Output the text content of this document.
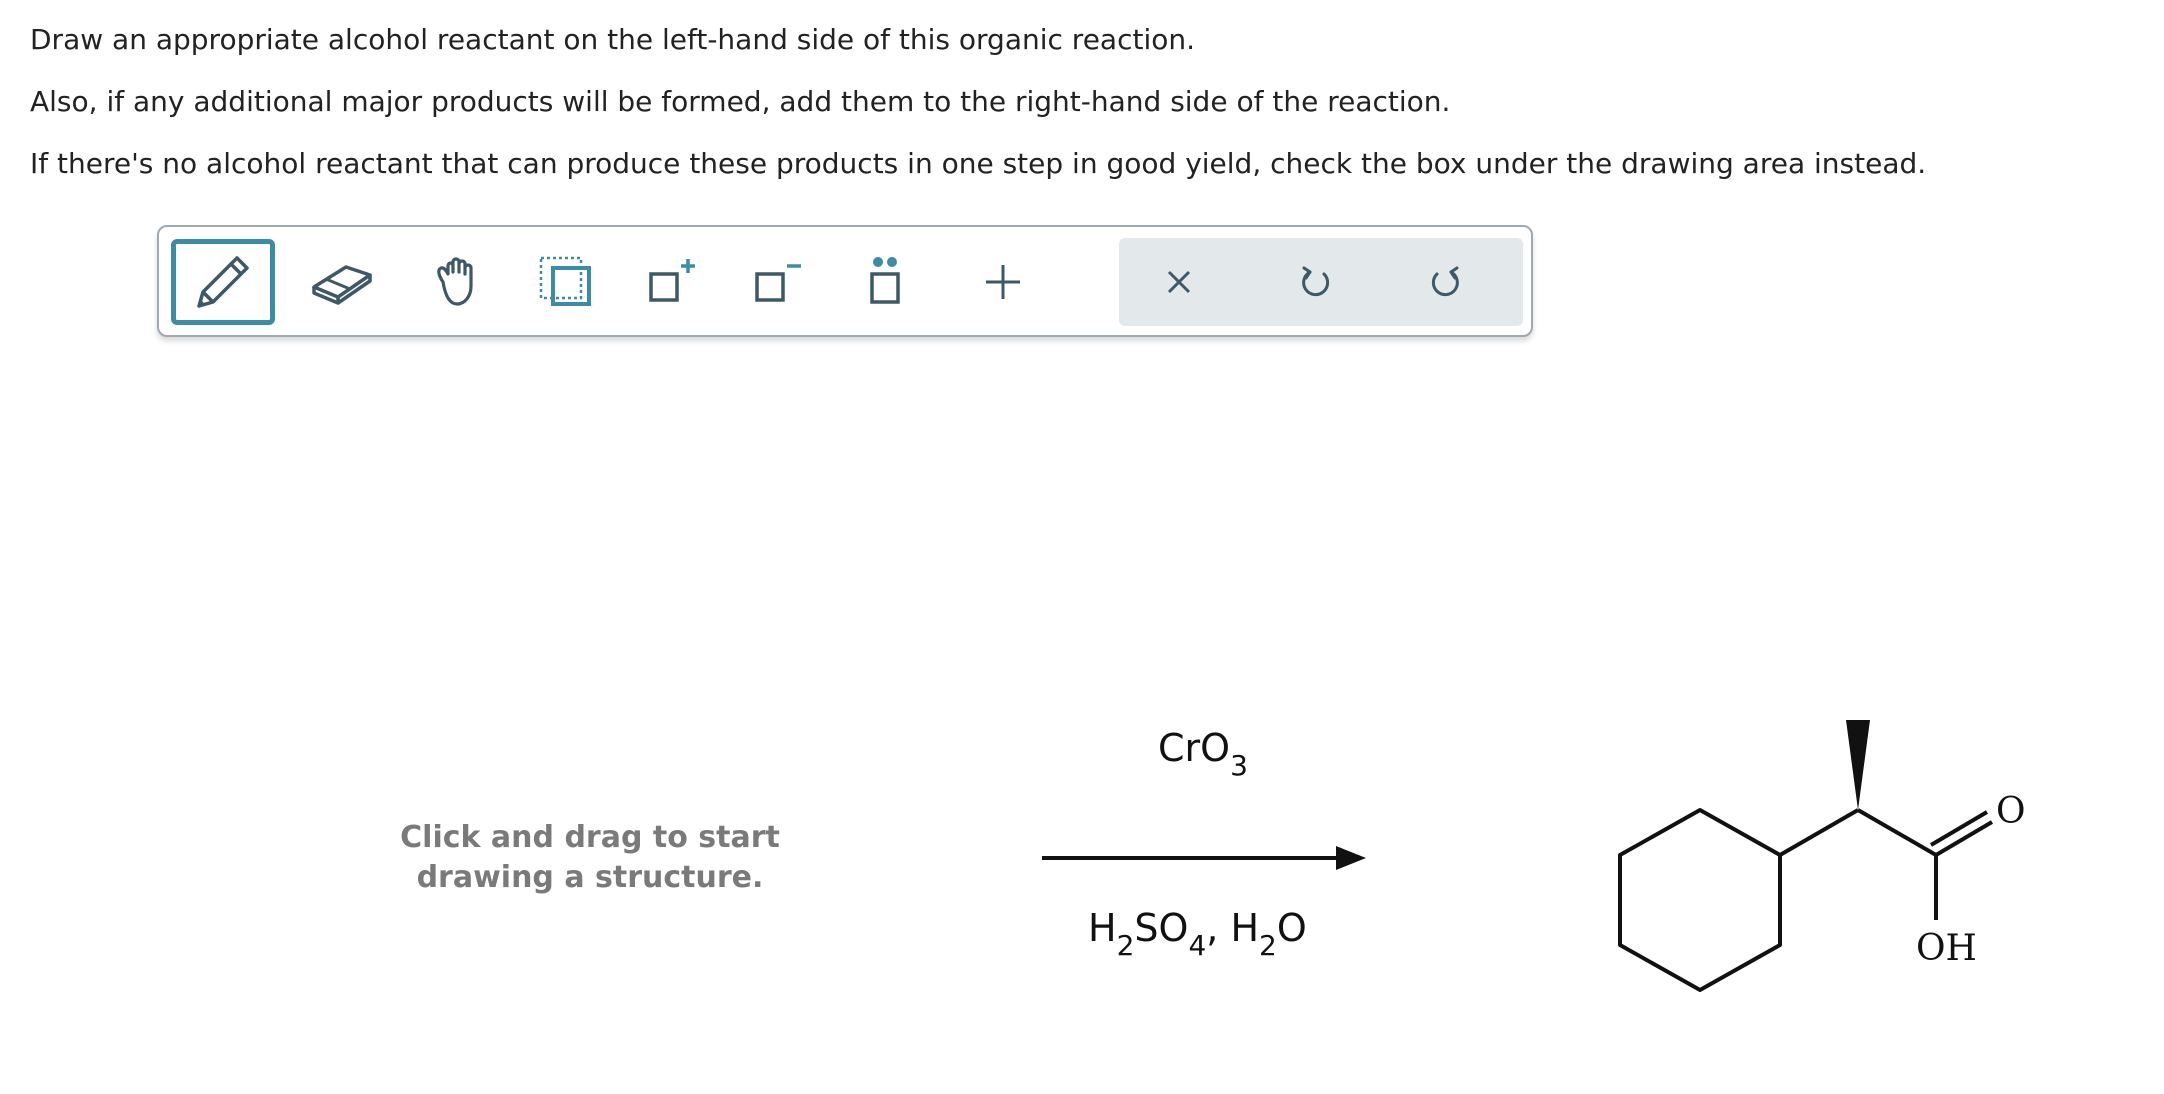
Draw an appropriate alcohol reactant on the left-hand side of this organic reaction.

Also, if any additional major products will be formed, add them to the right-hand side of the reaction.

If there's no alcohol reactant that can produce these products in one step in good yield, check the box under the drawing area instead.

Click and drag to start
drawing a structure.
CrO$_3$
$H_2SO_4$, $H_2O$
O
OH
